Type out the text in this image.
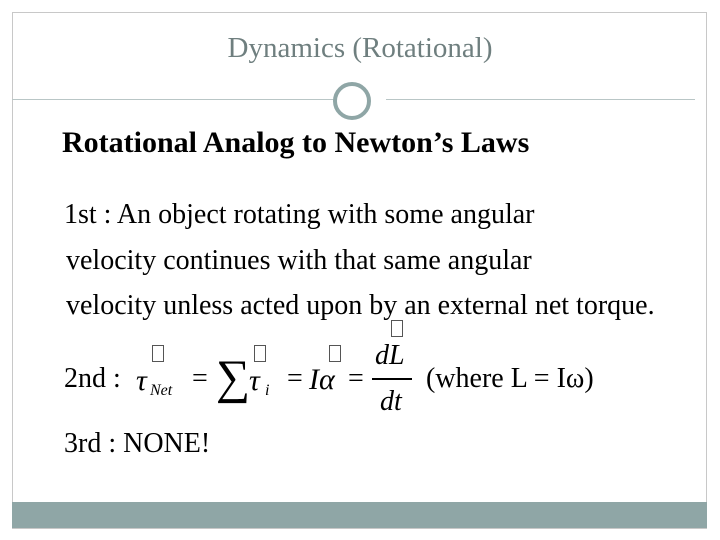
Dynamics (Rotational)
Rotational Analog to Newton’s Laws
1st : An object rotating with some angular
velocity continues with that same angular
velocity unless acted upon by an external net torque.
2nd : τ Net = ∑
τ i = Iα =
dL
dt
(where L = Iω)
3rd : NONE!
